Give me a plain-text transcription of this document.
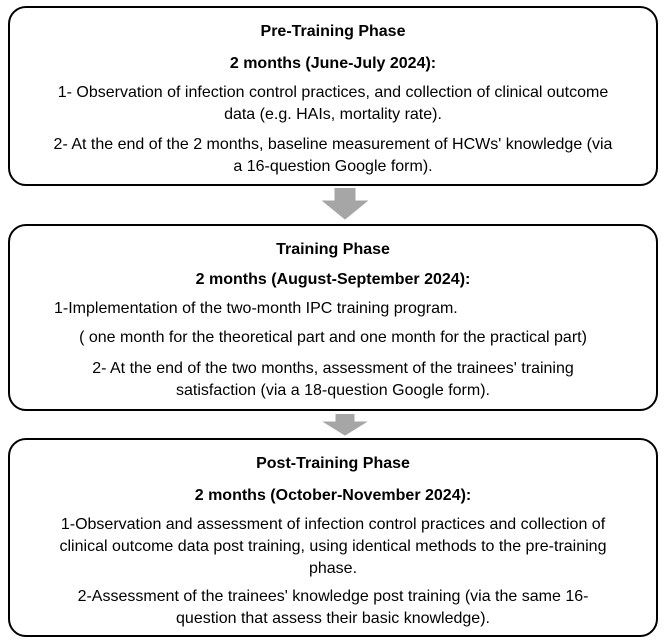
Pre-Training Phase

2 months (June-July 2024):

1- Observation of infection control practices, and collection of clinical outcome

data (e.g. HAIs, mortality rate).

2- At the end of the 2 months, baseline measurement of HCWs' knowledge (via

a 16-question Google form).

Training Phase

2 months (August-September 2024):

1-Implementation of the two-month IPC training program.

( one month for the theoretical part and one month for the practical part)

2- At the end of the two months, assessment of the trainees' training

satisfaction (via a 18-question Google form).

Post-Training Phase

2 months (October-November 2024):

1-Observation and assessment of infection control practices and collection of

clinical outcome data post training, using identical methods to the pre-training

phase.

2-Assessment of the trainees' knowledge post training (via the same 16-

question that assess their basic knowledge).
